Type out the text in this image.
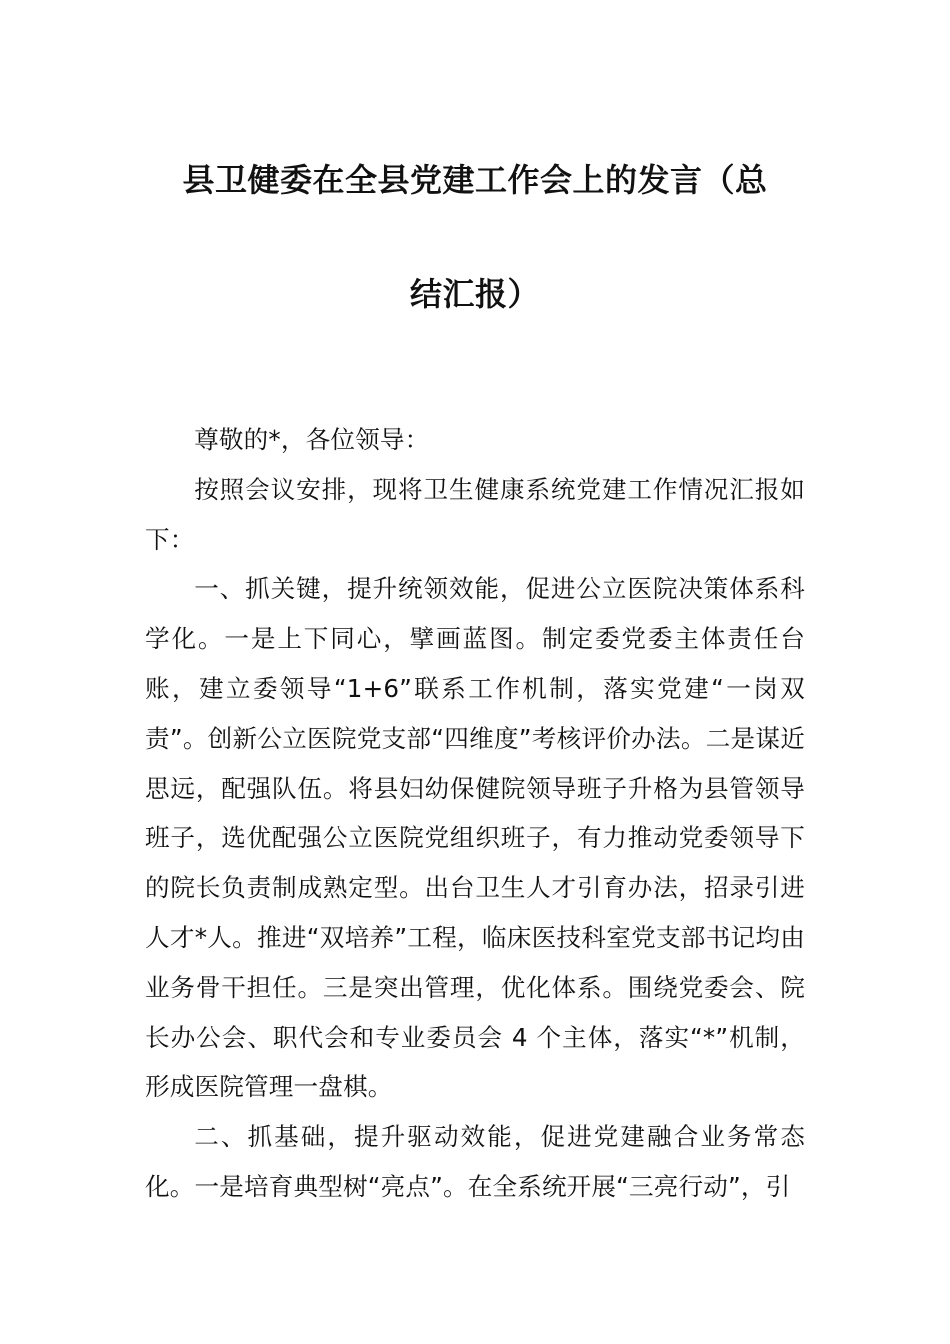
县卫健委在全县党建工作会上的发言（总
结汇报）

尊敬的*，各位领导：

按照会议安排，现将卫生健康系统党建工作情况汇报如下：

一、抓关键，提升统领效能，促进公立医院决策体系科学化。一是上下同心，擘画蓝图。制定委党委主体责任台账，建立委领导“1+6”联系工作机制，落实党建“一岗双责”。创新公立医院党支部“四维度”考核评价办法。二是谋近思远，配强队伍。将县妇幼保健院领导班子升格为县管领导班子，选优配强公立医院党组织班子，有力推动党委领导下的院长负责制成熟定型。出台卫生人才引育办法，招录引进人才*人。推进“双培养”工程，临床医技科室党支部书记均由业务骨干担任。三是突出管理，优化体系。围绕党委会、院长办公会、职代会和专业委员会 4 个主体，落实“*”机制，形成医院管理一盘棋。

二、抓基础，提升驱动效能，促进党建融合业务常态化。一是培育典型树“亮点”。在全系统开展“三亮行动”，引
